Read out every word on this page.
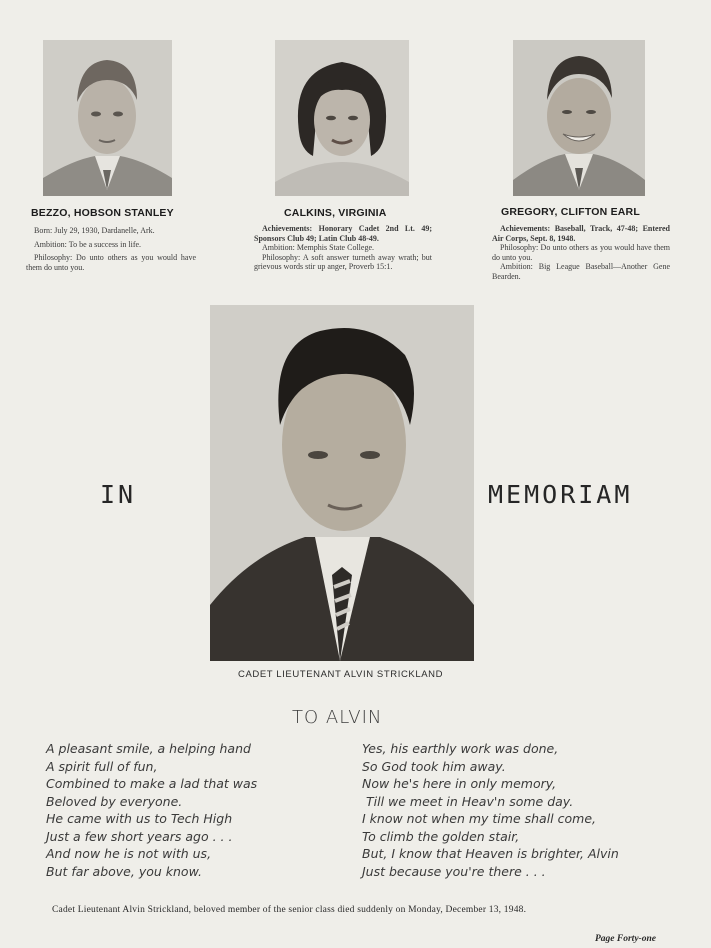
BEZZO, HOBSON STANLEY	CALKINS, VIRGINIA	GREGORY, CLIFTON EARL

Born: July 29, 1930, Dardanelle, Ark.

Ambition: To be a success in life.

Philosophy: Do unto others as you would have them do unto you.

Achievements: Honorary Cadet 2nd Lt. 49; Sponsors Club 49; Latin Club 48-49.

Ambition: Memphis State College.

Philosophy: A soft answer turneth away wrath; but grievous words stir up anger, Proverb 15:1.

Achievements: Baseball, Track, 47-48; Entered Air Corps, Sept. 8, 1948.

Philosophy: Do unto others as you would have them do unto you.

Ambition: Big League Baseball—Another Gene Bearden.

IN	MEMORIAM
CADET LIEUTENANT ALVIN STRICKLAND
TO ALVIN
A pleasant smile, a helping hand
A spirit full of fun,
Combined to make a lad that was
Beloved by everyone.
He came with us to Tech High
Just a few short years ago . . .
And now he is not with us,
But far above, you know.
Yes, his earthly work was done,
So God took him away.
Now he's here in only memory,
Till we meet in Heav'n some day.
I know not when my time shall come,
To climb the golden stair,
But, I know that Heaven is brighter, Alvin
Just because you're there . . .
Cadet Lieutenant Alvin Strickland, beloved member of the senior class died suddenly on Monday, December 13, 1948.
Page Forty-one
